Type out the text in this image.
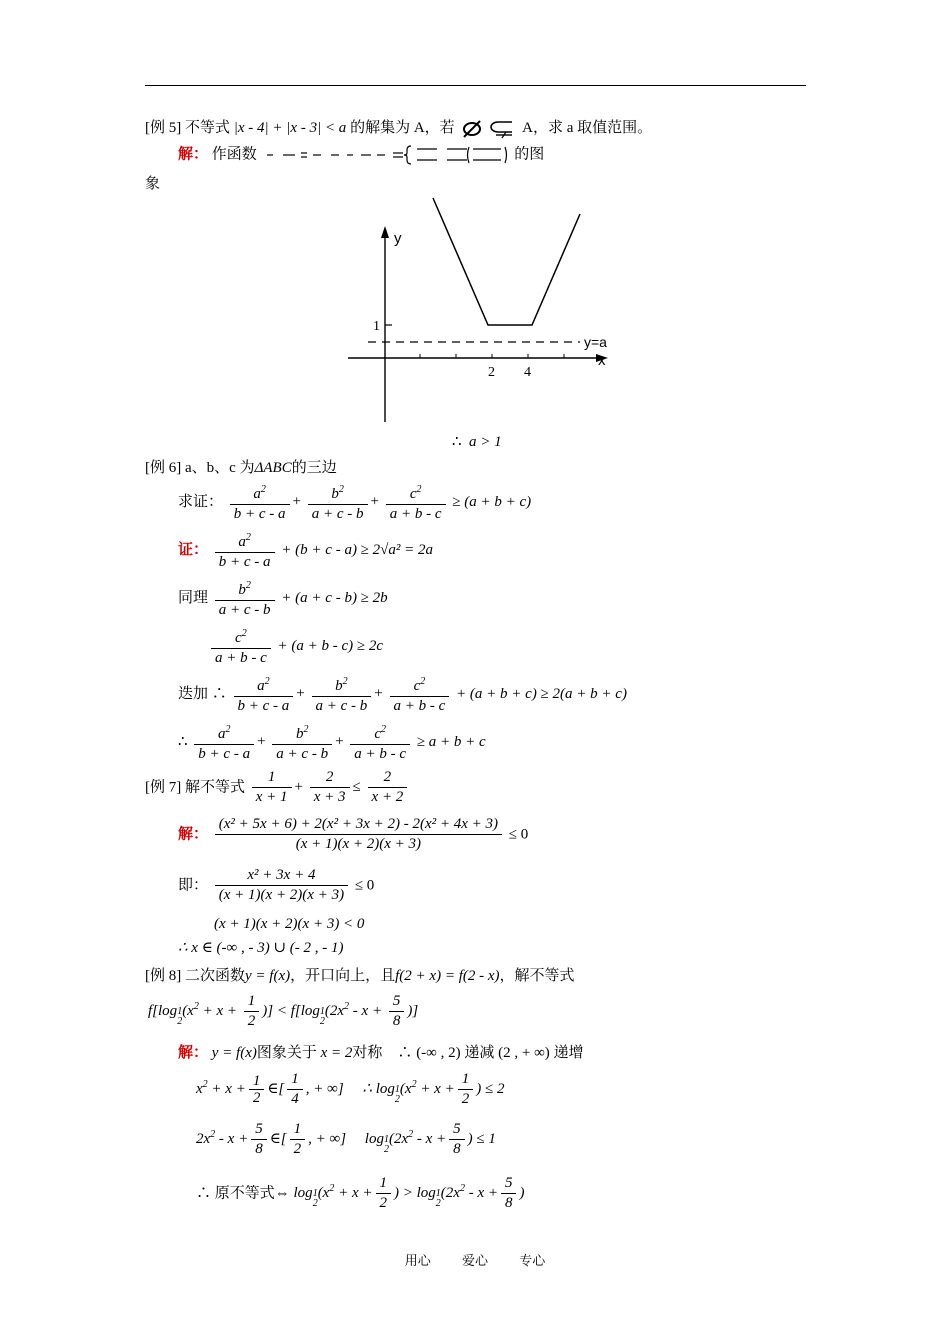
[例 5] 不等式 |x - 4| + |x - 3| < a 的解集为 A，若	A，求 a 取值范围。
解： 作函数	的图
象
y
x
1
2 4
y=a
∴ a > 1
[例 6] a、b、c 为ΔABC的三边
求证： $\frac{a^2}{b + c - a} + \frac{b^2}{a + c - b} + \frac{c^2}{a + b - c} \ge (a + b + c)$
证： $\frac{a^2}{b + c - a} + (b + c - a) \ge 2√a^2 = 2a$
同理 $\frac{b^2}{a + c - b} + (a + c - b) \ge 2b$
$\frac{c^2}{a + b - c} + (a + b - c) \ge 2c$
迭加 ∴ $\frac{a^2}{b + c - a} + \frac{b^2}{a + c - b} + \frac{c^2}{a + b - c} + (a + b + c) \ge 2(a + b + c)$
∴ $\frac{a^2}{b + c - a} + \frac{b^2}{a + c - b} + \frac{c^2}{a + b - c} \ge a + b + c$
[例 7] 解不等式 $\frac{1}{x + 1} + \frac{2}{x + 3} \le \frac{2}{x + 2}$
解： $\frac{\text{(x² + 5x + 6) + 2(x² + 3x + 2) - 2(x² + 4x + 3)}}{(x + 1)(x + 2)(x + 3)} \le 0$
即： $\frac{\text{x² + 3x + 4}}{(x + 1)(x + 2)(x + 3)} \le 0$
(x + 1)(x + 2)(x + 3) < 0
∴ x ∈ (-∞ , - 3) ∪ (- 2 , - 1)
[例 8] 二次函数y = f(x)，开口向上，且f(2 + x) = f(2 - x)，解不等式
f[log1
$2(x^2 + x + \frac{1}{2}$ )] < f[log1
$2(2x^2 - x + \frac{5}{8}$ )]
解： y = f(x)图象关于 x = 2对称　∴ (-∞ , 2) 递减 (2 , + ∞) 递增
$x^2 + x + \frac{1}{2}$ ∈[ $\frac{1}{4}$ , + ∞]     ∴ log1
$2(x^2 + x + \frac{1}{2}$ ) ≤ 2
$2x^2 - x + \frac{5}{8}$ ∈[ $\frac{1}{2}$ , + ∞]     log1
$2(2x^2 - x + \frac{5}{8}$ ) ≤ 1
∴ 原不等式⇔ log1
$2(x^2 + x + \frac{1}{2}$ ) > log1
$2(2x^2 - x + \frac{5}{8}$ )
用心 爱心 专心
